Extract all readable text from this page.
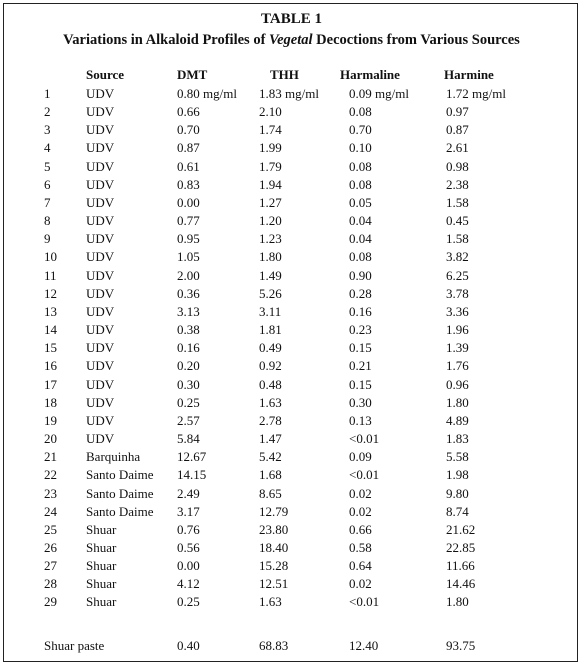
TABLE 1
Variations in Alkaloid Profiles of Vegetal Decoctions from Various Sources
Source	DMT	THH	Harmaline	Harmine
1	UDV	0.80 mg/ml 1.83 mg/ml 0.09 mg/ml	1.72 mg/ml
2	UDV	0.66	2.10	0.08	0.97
3	UDV	0.70	1.74	0.70	0.87
4	UDV	0.87	1.99	0.10	2.61
5	UDV	0.61	1.79	0.08	0.98
6	UDV	0.83	1.94	0.08	2.38
7	UDV	0.00	1.27	0.05	1.58
8	UDV	0.77	1.20	0.04	0.45
9	UDV	0.95	1.23	0.04	1.58
10 UDV	1.05	1.80	0.08	3.82
11 UDV	2.00	1.49	0.90	6.25
12 UDV	0.36	5.26	0.28	3.78
13 UDV	3.13	3.11	0.16	3.36
14 UDV	0.38	1.81	0.23	1.96
15 UDV	0.16	0.49	0.15	1.39
16 UDV	0.20	0.92	0.21	1.76
17 UDV	0.30	0.48	0.15	0.96
18 UDV	0.25	1.63	0.30	1.80
19 UDV	2.57	2.78	0.13	4.89
20 UDV	5.84	1.47	<0.01	1.83
21 Barquinha	12.67	5.42	0.09	5.58
22 Santo Daime 14.15	1.68	<0.01	1.98
23 Santo Daime 2.49	8.65	0.02	9.80
24 Santo Daime 3.17	12.79	0.02	8.74
25 Shuar	0.76	23.80	0.66	21.62
26 Shuar	0.56	18.40	0.58	22.85
27 Shuar	0.00	15.28	0.64	11.66
28 Shuar	4.12	12.51	0.02	14.46
29 Shuar	0.25	1.63	<0.01	1.80
Shuar paste	0.40	68.83	12.40	93.75
